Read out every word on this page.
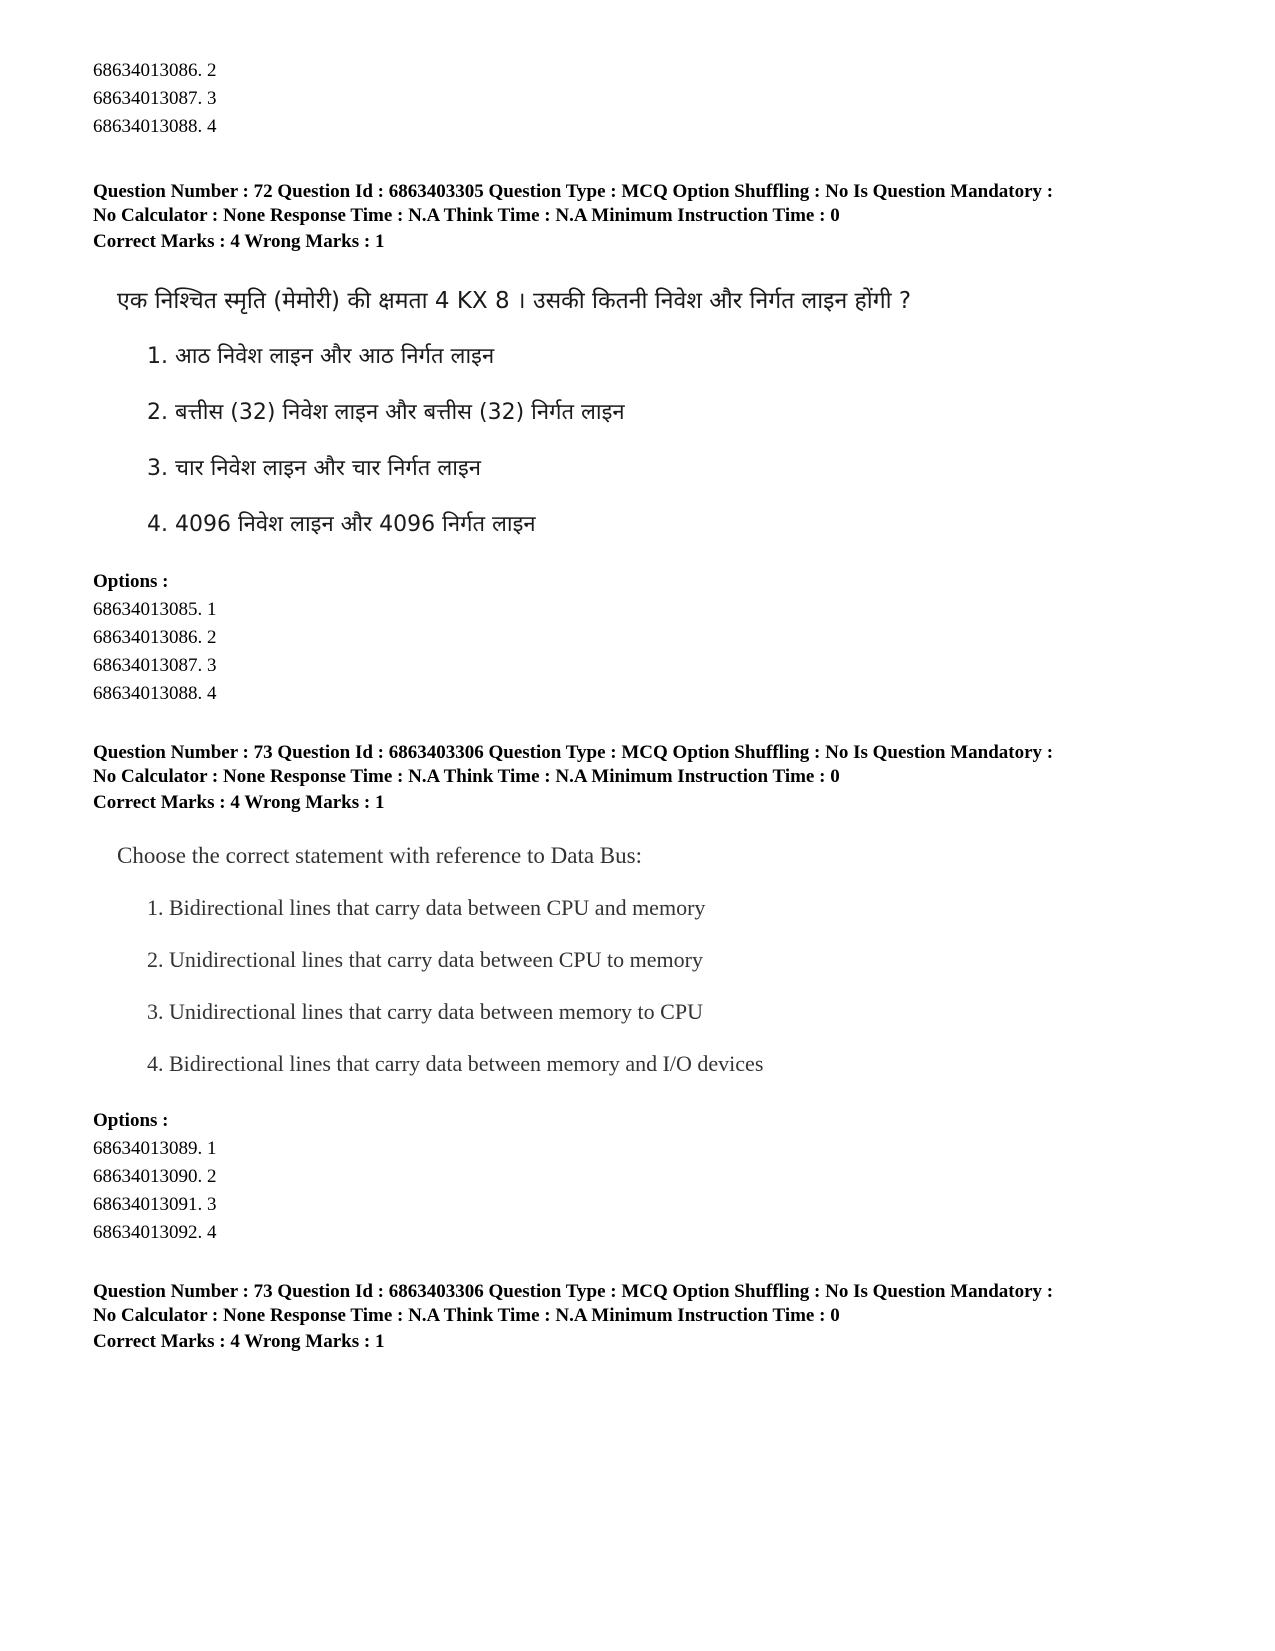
68634013086. 2
68634013087. 3
68634013088. 4
Question Number : 72 Question Id : 6863403305 Question Type : MCQ Option Shuffling : No Is Question Mandatory :
No Calculator : None Response Time : N.A Think Time : N.A Minimum Instruction Time : 0
Correct Marks : 4 Wrong Marks : 1
एक निश्चित स्मृति (मेमोरी) की क्षमता 4 KX 8 । उसकी कितनी निवेश और निर्गत लाइन होंगी ?
1. आठ निवेश लाइन और आठ निर्गत लाइन
2. बत्तीस (32) निवेश लाइन और बत्तीस (32) निर्गत लाइन
3. चार निवेश लाइन और चार निर्गत लाइन
4. 4096 निवेश लाइन और 4096 निर्गत लाइन
Options :
68634013085. 1
68634013086. 2
68634013087. 3
68634013088. 4
Question Number : 73 Question Id : 6863403306 Question Type : MCQ Option Shuffling : No Is Question Mandatory :
No Calculator : None Response Time : N.A Think Time : N.A Minimum Instruction Time : 0
Correct Marks : 4 Wrong Marks : 1
Choose the correct statement with reference to Data Bus:
1. Bidirectional lines that carry data between CPU and memory
2. Unidirectional lines that carry data between CPU to memory
3. Unidirectional lines that carry data between memory to CPU
4. Bidirectional lines that carry data between memory and I/O devices
Options :
68634013089. 1
68634013090. 2
68634013091. 3
68634013092. 4
Question Number : 73 Question Id : 6863403306 Question Type : MCQ Option Shuffling : No Is Question Mandatory :
No Calculator : None Response Time : N.A Think Time : N.A Minimum Instruction Time : 0
Correct Marks : 4 Wrong Marks : 1
